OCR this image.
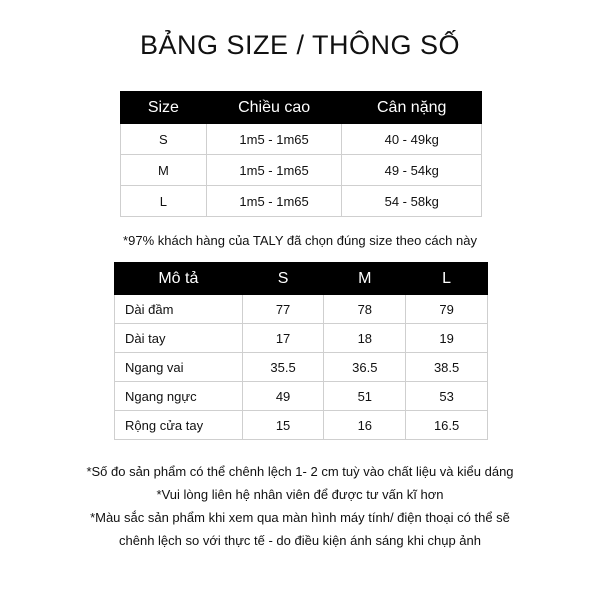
BẢNG SIZE / THÔNG SỐ
Size	Chiều cao	Cân nặng
S	1m5 - 1m65	40 - 49kg
M	1m5 - 1m65	49 - 54kg
L	1m5 - 1m65	54 - 58kg
*97% khách hàng của TALY đã chọn đúng size theo cách này
Mô tả	S	M	L
Dài đầm	77	78	79
Dài tay	17	18	19
Ngang vai	35.5	36.5	38.5
Ngang ngực	49	51	53
Rộng cửa tay	15	16	16.5
*Số đo sản phẩm có thể chênh lệch 1- 2 cm tuỳ vào chất liệu và kiểu dáng
*Vui lòng liên hệ nhân viên để được tư vấn kĩ hơn
*Màu sắc sản phẩm khi xem qua màn hình máy tính/ điện thoại có thể sẽ
chênh lệch so với thực tế - do điều kiện ánh sáng khi chụp ảnh
